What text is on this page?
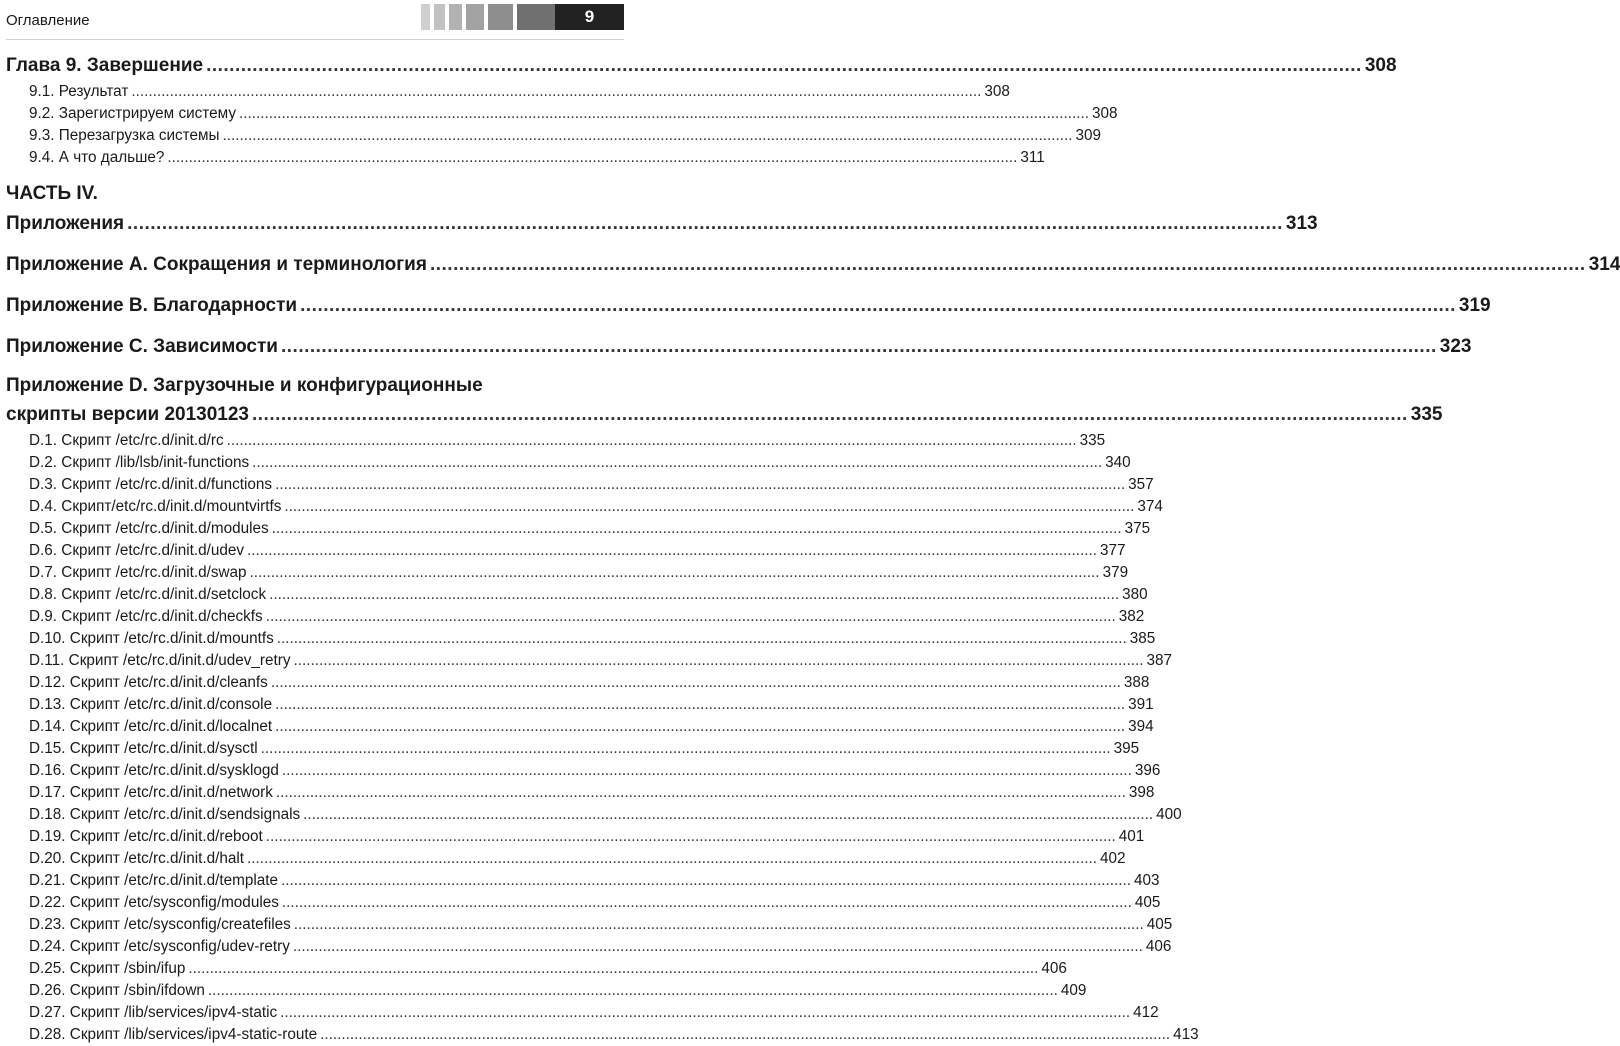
Оглавление	9
Глава 9. Завершение ........................................................................................................................................................................................................ 308
9.1. Результат ........................................................................................................................................................................................................ 308
9.2. Зарегистрируем систему ........................................................................................................................................................................................................ 308
9.3. Перезагрузка системы ........................................................................................................................................................................................................ 309
9.4. А что дальше? ........................................................................................................................................................................................................ 311
ЧАСТЬ IV.
Приложения ........................................................................................................................................................................................................ 313
Приложение A. Сокращения и терминология ........................................................................................................................................................................................................ 314
Приложение B. Благодарности ........................................................................................................................................................................................................ 319
Приложение C. Зависимости ........................................................................................................................................................................................................ 323
Приложение D. Загрузочные и конфигурационные
скрипты версии 20130123 ........................................................................................................................................................................................................ 335
D.1. Скрипт /etc/rc.d/init.d/rc ........................................................................................................................................................................................................ 335
D.2. Скрипт /lib/lsb/init-functions ........................................................................................................................................................................................................ 340
D.3. Скрипт /etc/rc.d/init.d/functions ........................................................................................................................................................................................................ 357
D.4. Скрипт/etc/rc.d/init.d/mountvirtfs ........................................................................................................................................................................................................ 374
D.5. Скрипт /etc/rc.d/init.d/modules ........................................................................................................................................................................................................ 375
D.6. Скрипт /etc/rc.d/init.d/udev ........................................................................................................................................................................................................ 377
D.7. Скрипт /etc/rc.d/init.d/swap ........................................................................................................................................................................................................ 379
D.8. Скрипт /etc/rc.d/init.d/setclock ........................................................................................................................................................................................................ 380
D.9. Скрипт /etc/rc.d/init.d/checkfs ........................................................................................................................................................................................................ 382
D.10. Скрипт /etc/rc.d/init.d/mountfs ........................................................................................................................................................................................................ 385
D.11. Скрипт /etc/rc.d/init.d/udev_retry ........................................................................................................................................................................................................ 387
D.12. Скрипт /etc/rc.d/init.d/cleanfs ........................................................................................................................................................................................................ 388
D.13. Скрипт /etc/rc.d/init.d/console ........................................................................................................................................................................................................ 391
D.14. Скрипт /etc/rc.d/init.d/localnet ........................................................................................................................................................................................................ 394
D.15. Скрипт /etc/rc.d/init.d/sysctl ........................................................................................................................................................................................................ 395
D.16. Скрипт /etc/rc.d/init.d/sysklogd ........................................................................................................................................................................................................ 396
D.17. Скрипт /etc/rc.d/init.d/network ........................................................................................................................................................................................................ 398
D.18. Скрипт /etc/rc.d/init.d/sendsignals ........................................................................................................................................................................................................ 400
D.19. Скрипт /etc/rc.d/init.d/reboot ........................................................................................................................................................................................................ 401
D.20. Скрипт /etc/rc.d/init.d/halt ........................................................................................................................................................................................................ 402
D.21. Скрипт /etc/rc.d/init.d/template ........................................................................................................................................................................................................ 403
D.22. Скрипт /etc/sysconfig/modules ........................................................................................................................................................................................................ 405
D.23. Скрипт /etc/sysconfig/createfiles ........................................................................................................................................................................................................ 405
D.24. Скрипт /etc/sysconfig/udev-retry ........................................................................................................................................................................................................ 406
D.25. Скрипт /sbin/ifup ........................................................................................................................................................................................................ 406
D.26. Скрипт /sbin/ifdown ........................................................................................................................................................................................................ 409
D.27. Скрипт /lib/services/ipv4-static ........................................................................................................................................................................................................ 412
D.28. Скрипт /lib/services/ipv4-static-route ........................................................................................................................................................................................................ 413
